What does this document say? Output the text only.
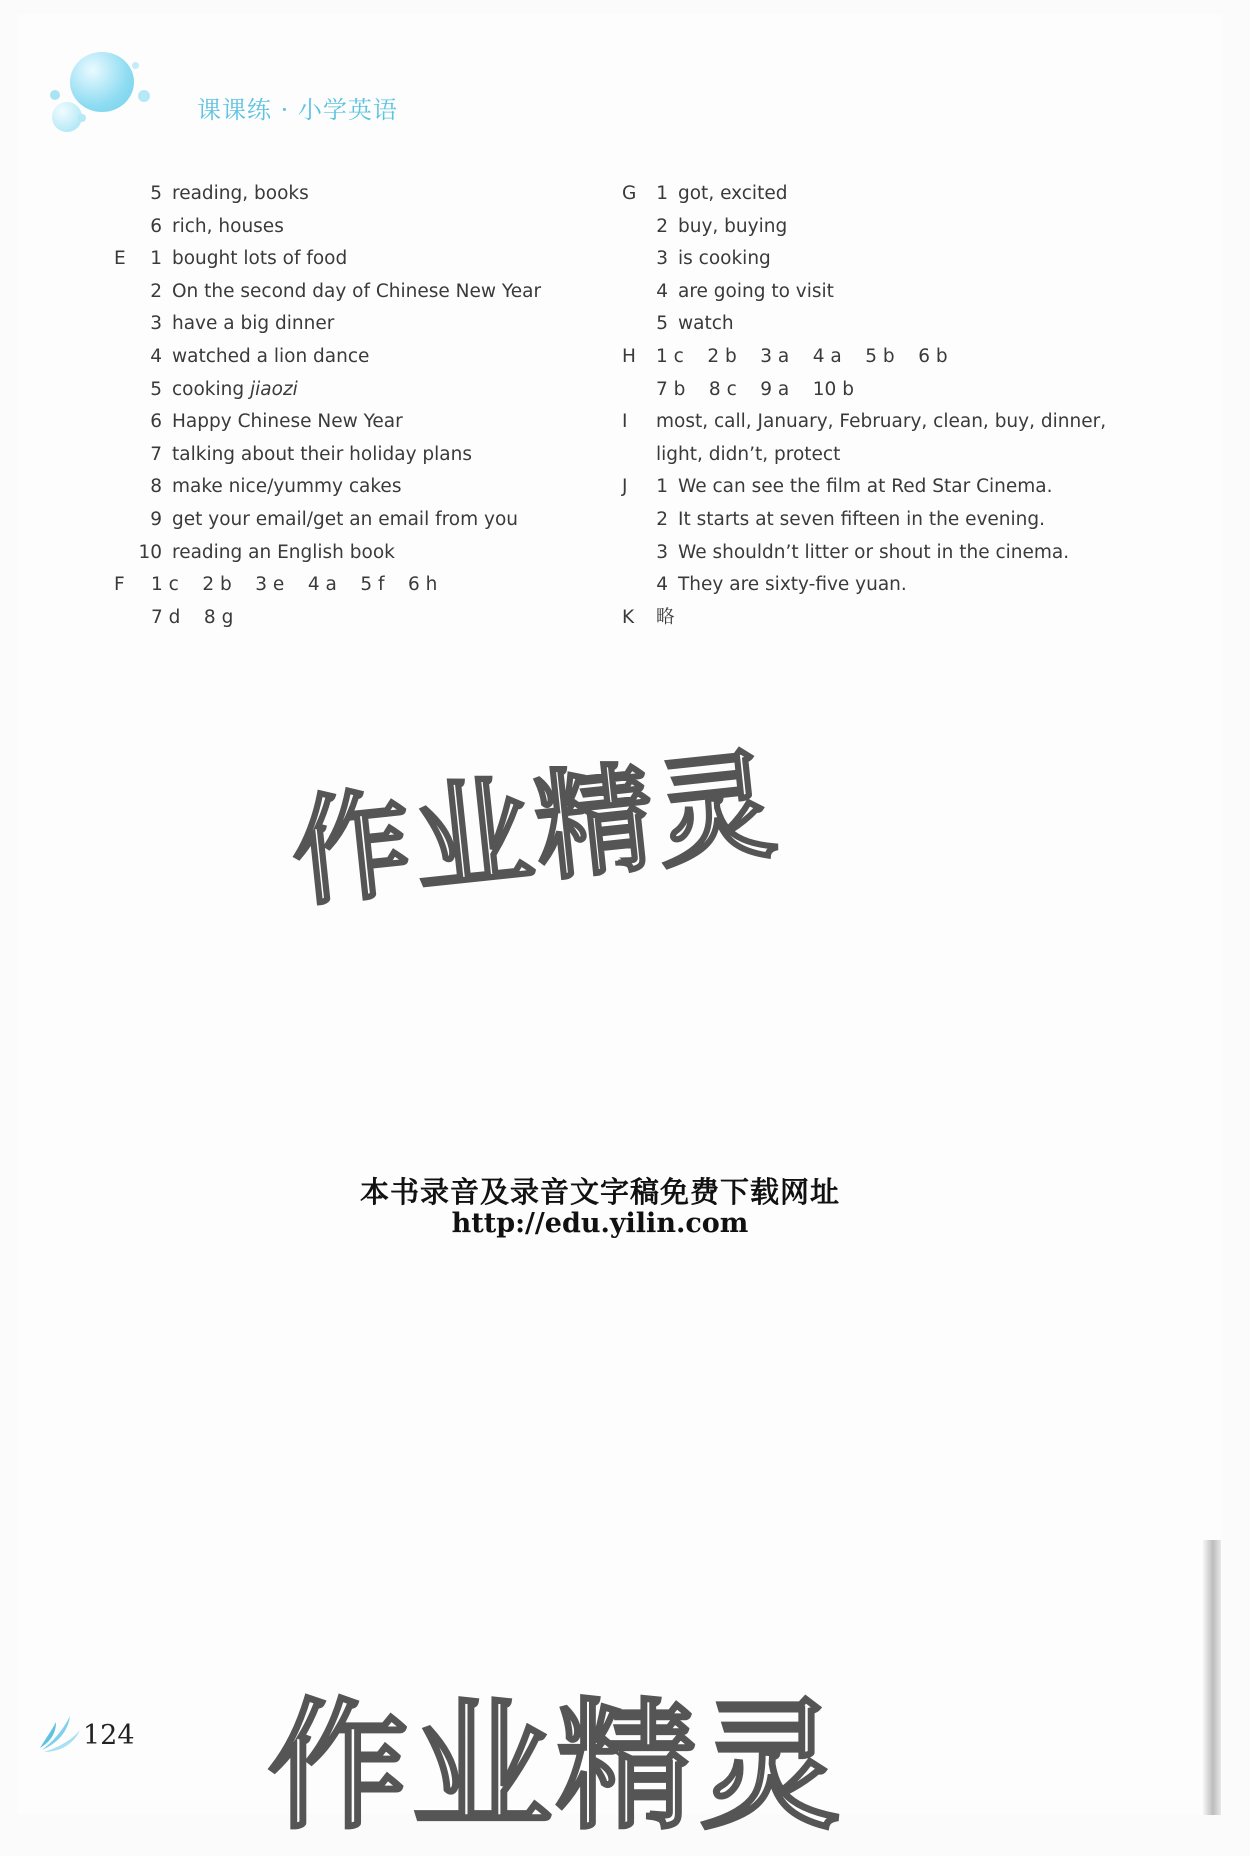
课课练 · 小学英语
5 reading, books
6 rich, houses
E	1 bought lots of food
2 On the second day of Chinese New Year
3 have a big dinner
4 watched a lion dance
5 cooking jiaozi
6 Happy Chinese New Year
7 talking about their holiday plans
8 make nice/yummy cakes
9 get your email/get an email from you
10 reading an English book
F 1 c    2 b    3 e    4 a    5 f    6 h
7 d    8 g
G	1 got, excited
2 buy, buying
3 is cooking
4 are going to visit
5 watch
H 1 c    2 b    3 a    4 a    5 b    6 b
7 b    8 c    9 a    10 b
I most, call, January, February, clean, buy, dinner,
light, didn’t, protect
J	1 We can see the film at Red Star Cinema.
2 It starts at seven fifteen in the evening.
3 We shouldn’t litter or shout in the cinema.
4 They are sixty-five yuan.
K 略
作业精灵
作业精灵
本书录音及录音文字稿免费下载网址
http://edu.yilin.com
124
